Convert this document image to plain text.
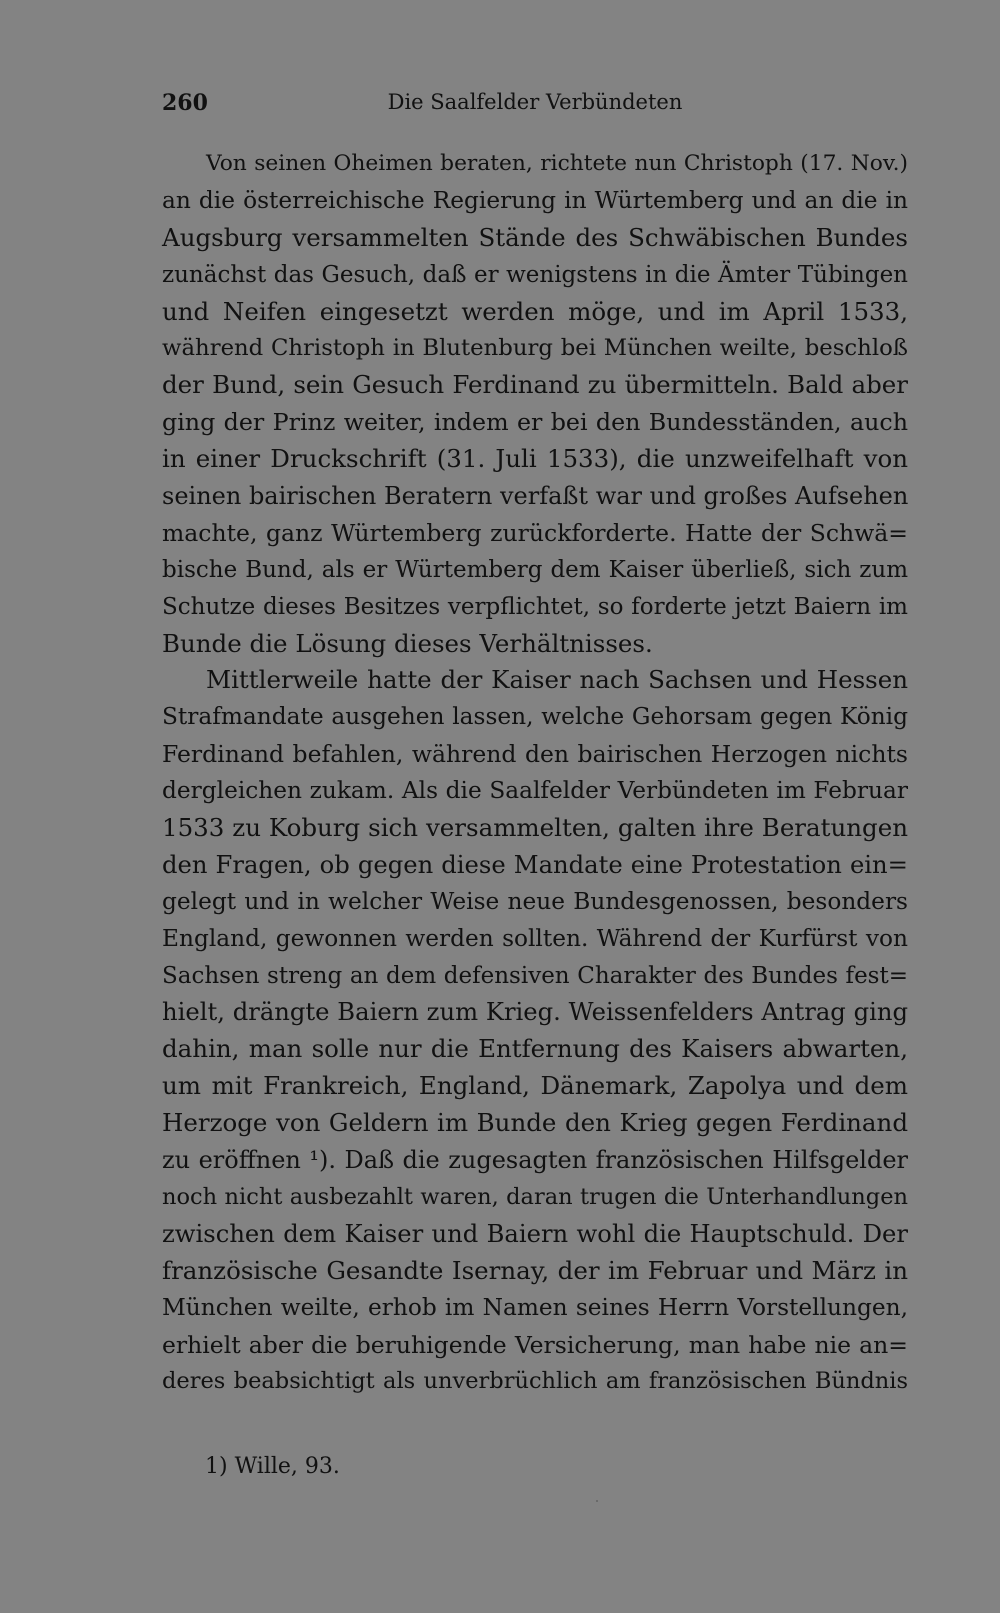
260	Die Saalfelder Verbündeten
Von seinen Oheimen beraten, richtete nun Christoph (17. Nov.)
an die österreichische Regierung in Würtemberg und an die in
Augsburg versammelten Stände des Schwäbischen Bundes
zunächst das Gesuch, daß er wenigstens in die Ämter Tübingen
und Neifen eingesetzt werden möge, und im April 1533,
während Christoph in Blutenburg bei München weilte, beschloß
der Bund, sein Gesuch Ferdinand zu übermitteln. Bald aber
ging der Prinz weiter, indem er bei den Bundesständen, auch
in einer Druckschrift (31. Juli 1533), die unzweifelhaft von
seinen bairischen Beratern verfaßt war und großes Aufsehen
machte, ganz Würtemberg zurückforderte. Hatte der Schwä=
bische Bund, als er Würtemberg dem Kaiser überließ, sich zum
Schutze dieses Besitzes verpflichtet, so forderte jetzt Baiern im
Bunde die Lösung dieses Verhältnisses.
Mittlerweile hatte der Kaiser nach Sachsen und Hessen
Strafmandate ausgehen lassen, welche Gehorsam gegen König
Ferdinand befahlen, während den bairischen Herzogen nichts
dergleichen zukam. Als die Saalfelder Verbündeten im Februar
1533 zu Koburg sich versammelten, galten ihre Beratungen
den Fragen, ob gegen diese Mandate eine Protestation ein=
gelegt und in welcher Weise neue Bundesgenossen, besonders
England, gewonnen werden sollten. Während der Kurfürst von
Sachsen streng an dem defensiven Charakter des Bundes fest=
hielt, drängte Baiern zum Krieg. Weissenfelders Antrag ging
dahin, man solle nur die Entfernung des Kaisers abwarten,
um mit Frankreich, England, Dänemark, Zapolya und dem
Herzoge von Geldern im Bunde den Krieg gegen Ferdinand
zu eröffnen ¹). Daß die zugesagten französischen Hilfsgelder
noch nicht ausbezahlt waren, daran trugen die Unterhandlungen
zwischen dem Kaiser und Baiern wohl die Hauptschuld. Der
französische Gesandte Isernay, der im Februar und März in
München weilte, erhob im Namen seines Herrn Vorstellungen,
erhielt aber die beruhigende Versicherung, man habe nie an=
deres beabsichtigt als unverbrüchlich am französischen Bündnis
1) Wille, 93.
